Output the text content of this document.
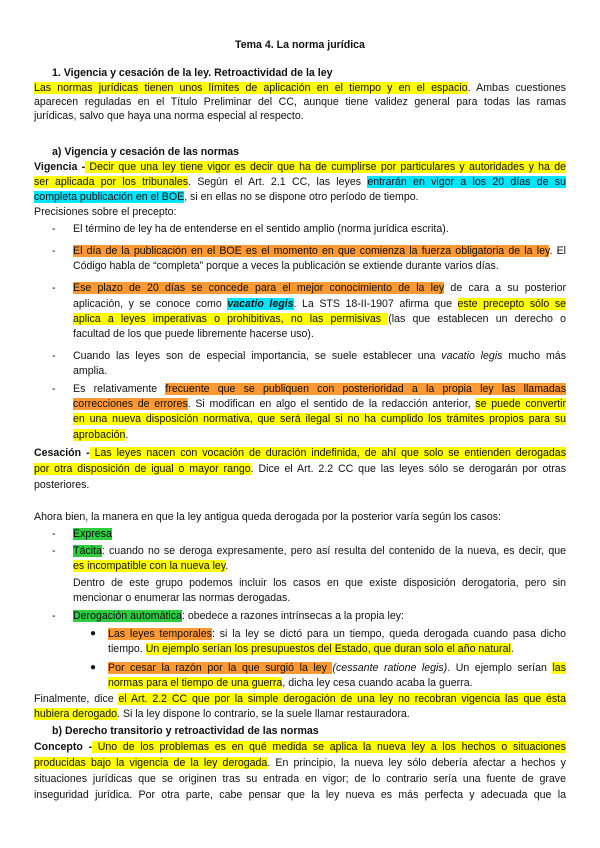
Tema 4. La norma jurídica

1. Vigencia y cesación de la ley. Retroactividad de la ley

Las normas jurídicas tienen unos límites de aplicación en el tiempo y en el espacio. Ambas cuestiones

aparecen reguladas en el Título Preliminar del CC, aunque tiene validez general para todas las ramas

jurídicas, salvo que haya una norma especial al respecto.

a) Vigencia y cesación de las normas

Vigencia - Decir que una ley tiene vigor es decir que ha de cumplirse por particulares y autoridades y ha de

ser aplicada por los tribunales. Según el Art. 2.1 CC, las leyes entrarán en vigor a los 20 días de su

completa publicación en el BOE, si en ellas no se dispone otro período de tiempo.

Precisiones sobre el precepto:

- El término de ley ha de entenderse en el sentido amplio (norma jurídica escrita).

- El día de la publicación en el BOE es el momento en que comienza la fuerza obligatoria de la ley. El

Código habla de “completa” porque a veces la publicación se extiende durante varios días.

- Ese plazo de 20 días se concede para el mejor conocimiento de la ley de cara a su posterior

aplicación, y se conoce como vacatio legis. La STS 18-II-1907 afirma que este precepto sólo se

aplica a leyes imperativas o prohibitivas, no las permisivas (las que establecen un derecho o

facultad de los que puede libremente hacerse uso).

- Cuando las leyes son de especial importancia, se suele establecer una vacatio legis mucho más

amplia.

- Es relativamente frecuente que se publiquen con posterioridad a la propia ley las llamadas

correcciones de errores. Si modifican en algo el sentido de la redacción anterior, se puede convertir

en una nueva disposición normativa, que será ilegal si no ha cumplido los trámites propios para su

aprobación.

Cesación - Las leyes nacen con vocación de duración indefinida, de ahí que solo se entienden derogadas

por otra disposición de igual o mayor rango. Dice el Art. 2.2 CC que las leyes sólo se derogarán por otras

posteriores.

Ahora bien, la manera en que la ley antigua queda derogada por la posterior varía según los casos:

- Expresa

- Tácita: cuando no se deroga expresamente, pero así resulta del contenido de la nueva, es decir, que

es incompatible con la nueva ley.

Dentro de este grupo podemos incluir los casos en que existe disposición derogatoria, pero sin

mencionar o enumerar las normas derogadas.

- Derogación automática: obedece a razones intrínsecas a la propia ley:

● Las leyes temporales: si la ley se dictó para un tiempo, queda derogada cuando pasa dicho

tiempo. Un ejemplo serían los presupuestos del Estado, que duran solo el año natural.

● Por cesar la razón por la que surgió la ley (cessante ratione legis). Un ejemplo serían las

normas para el tiempo de una guerra, dicha ley cesa cuando acaba la guerra.

Finalmente, dice el Art. 2.2 CC que por la simple derogación de una ley no recobran vigencia las que ésta

hubiera derogado. Si la ley dispone lo contrario, se la suele llamar restauradora.

b) Derecho transitorio y retroactividad de las normas

Concepto - Uno de los problemas es en qué medida se aplica la nueva ley a los hechos o situaciones

producidas bajo la vigencia de la ley derogada. En principio, la nueva ley sólo debería afectar a hechos y

situaciones jurídicas que se originen tras su entrada en vigor; de lo contrario sería una fuente de grave

inseguridad jurídica. Por otra parte, cabe pensar que la ley nueva es más perfecta y adecuada que la
